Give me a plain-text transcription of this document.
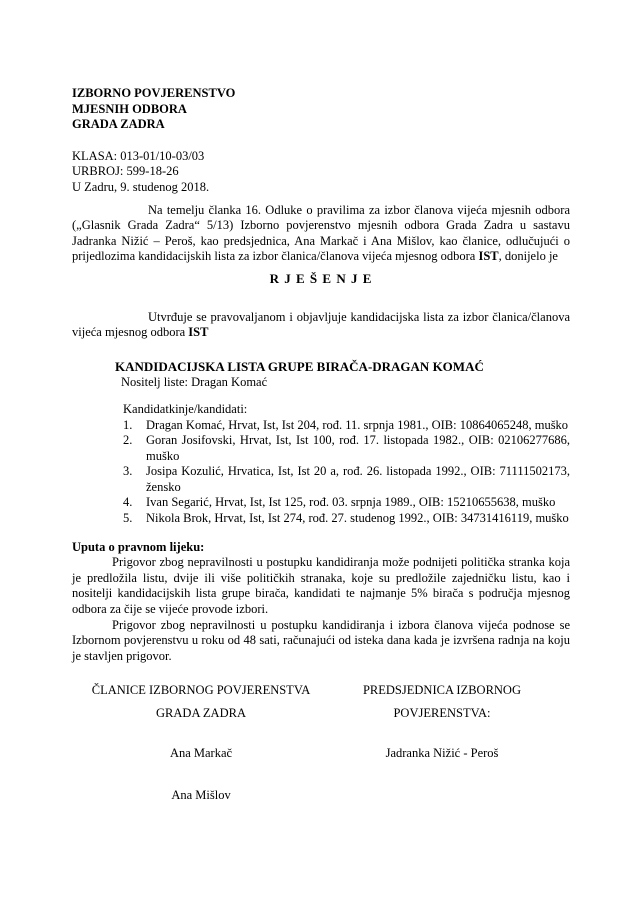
IZBORNO POVJERENSTVO
MJESNIH ODBORA
GRADA ZADRA
KLASA: 013-01/10-03/03
URBROJ: 599-18-26
U Zadru, 9. studenog 2018.

Na temelju članka 16. Odluke o pravilima za izbor članova vijeća mjesnih odbora („Glasnik Grada Zadra“ 5/13) Izborno povjerenstvo mjesnih odbora Grada Zadra u sastavu Jadranka Nižić – Peroš, kao predsjednica, Ana Markač i Ana Mišlov, kao članice, odlučujući o prijedlozima kandidacijskih lista za izbor članica/članova vijeća mjesnog odbora IST, donijelo je

R J E Š E N J E

Utvrđuje se pravovaljanom i objavljuje kandidacijska lista za izbor članica/članova vijeća mjesnog odbora IST

KANDIDACIJSKA LISTA GRUPE BIRAČA-DRAGAN KOMAĆ
Nositelj liste: Dragan Komać
Kandidatkinje/kandidati:
1. Dragan Komać, Hrvat, Ist, Ist 204, rođ. 11. srpnja 1981., OIB: 10864065248, muško
2. Goran Josifovski, Hrvat, Ist, Ist 100, rođ. 17. listopada 1982., OIB: 02106277686, muško
3. Josipa Kozulić, Hrvatica, Ist, Ist 20 a, rođ. 26. listopada 1992., OIB: 71111502173, žensko
4. Ivan Segarić, Hrvat, Ist, Ist 125, rođ. 03. srpnja 1989., OIB: 15210655638, muško
5. Nikola Brok, Hrvat, Ist, Ist 274, rođ. 27. studenog 1992., OIB: 34731416119, muško
Uputa o pravnom lijeku:

Prigovor zbog nepravilnosti u postupku kandidiranja može podnijeti politička stranka koja je predložila listu, dvije ili više političkih stranaka, koje su predložile zajedničku listu, kao i nositelji kandidacijskih lista grupe birača, kandidati te najmanje 5% birača s područja mjesnog odbora za čije se vijeće provode izbori.

Prigovor zbog nepravilnosti u postupku kandidiranja i izbora članova vijeća podnose se Izbornom povjerenstvu u roku od 48 sati, računajući od isteka dana kada je izvršena radnja na koju je stavljen prigovor.

ČLANICE IZBORNOG POVJERENSTVA
GRADA ZADRA
Ana Markač
Ana Mišlov
PREDSJEDNICA IZBORNOG
POVJERENSTVA:
Jadranka Nižić - Peroš
